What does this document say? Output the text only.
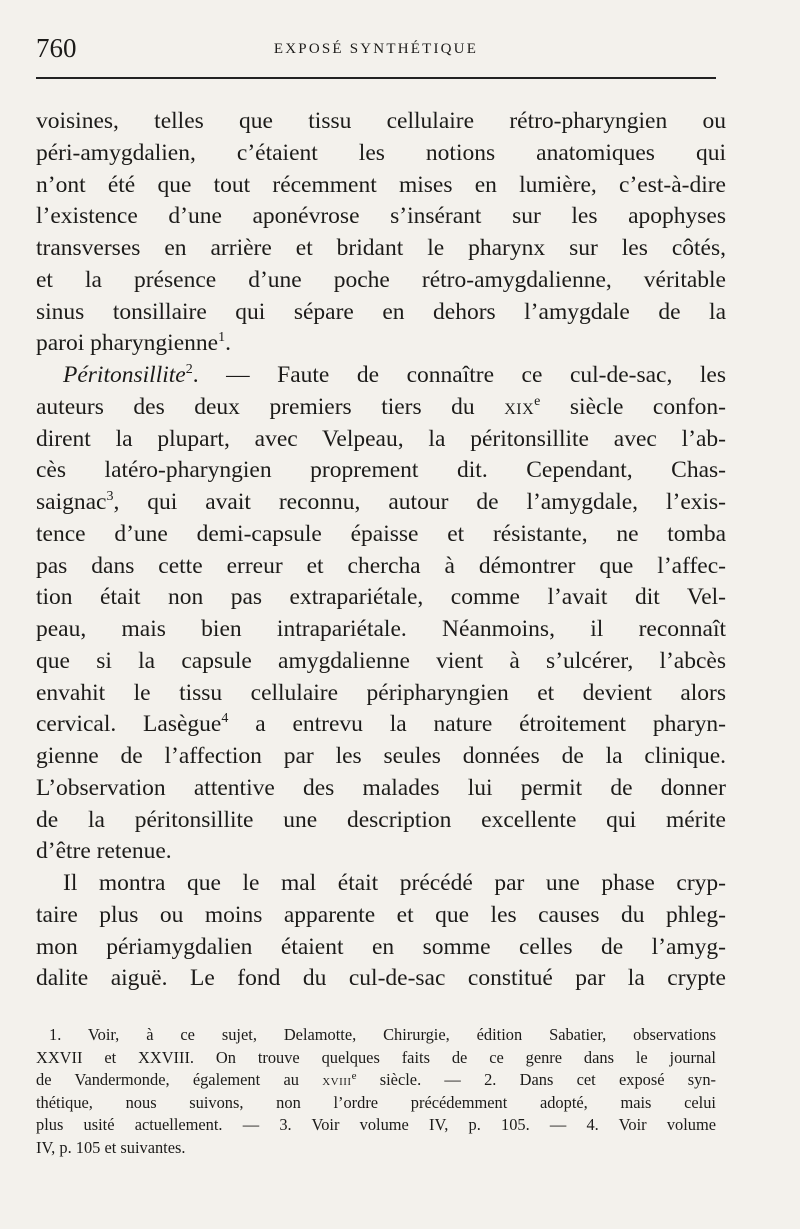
760	EXPOSÉ SYNTHÉTIQUE
voisines, telles que tissu cellulaire rétro-pharyngien ou
péri-amygdalien, c’étaient les notions anatomiques qui
n’ont été que tout récemment mises en lumière, c’est-à-dire
l’existence d’une aponévrose s’insérant sur les apophyses
transverses en arrière et bridant le pharynx sur les côtés,
et la présence d’une poche rétro-amygdalienne, véritable
sinus tonsillaire qui sépare en dehors l’amygdale de la
paroi pharyngienne$^1$.
Péritonsillite$^2$. — Faute de connaître ce cul-de-sac, les
auteurs des deux premiers tiers du xix$^e$ siècle confon-
dirent la plupart, avec Velpeau, la péritonsillite avec l’ab-
cès latéro-pharyngien proprement dit. Cependant, Chas-
saignac$^3$, qui avait reconnu, autour de l’amygdale, l’exis-
tence d’une demi-capsule épaisse et résistante, ne tomba
pas dans cette erreur et chercha à démontrer que l’affec-
tion était non pas extrapariétale, comme l’avait dit Vel-
peau, mais bien intrapariétale. Néanmoins, il reconnaît
que si la capsule amygdalienne vient à s’ulcérer, l’abcès
envahit le tissu cellulaire péripharyngien et devient alors
cervical. Lasègue$^4$ a entrevu la nature étroitement pharyn-
gienne de l’affection par les seules données de la clinique.
L’observation attentive des malades lui permit de donner
de la péritonsillite une description excellente qui mérite
d’être retenue.
Il montra que le mal était précédé par une phase cryp-
taire plus ou moins apparente et que les causes du phleg-
mon périamygdalien étaient en somme celles de l’amyg-
dalite aiguë. Le fond du cul-de-sac constitué par la crypte
1. Voir, à ce sujet, Delamotte, Chirurgie, édition Sabatier, observations
XXVII et XXVIII. On trouve quelques faits de ce genre dans le journal
de Vandermonde, également au xviii$^e$ siècle. — 2. Dans cet exposé syn-
thétique, nous suivons, non l’ordre précédemment adopté, mais celui
plus usité actuellement. — 3. Voir volume IV, p. 105. — 4. Voir volume
IV, p. 105 et suivantes.
